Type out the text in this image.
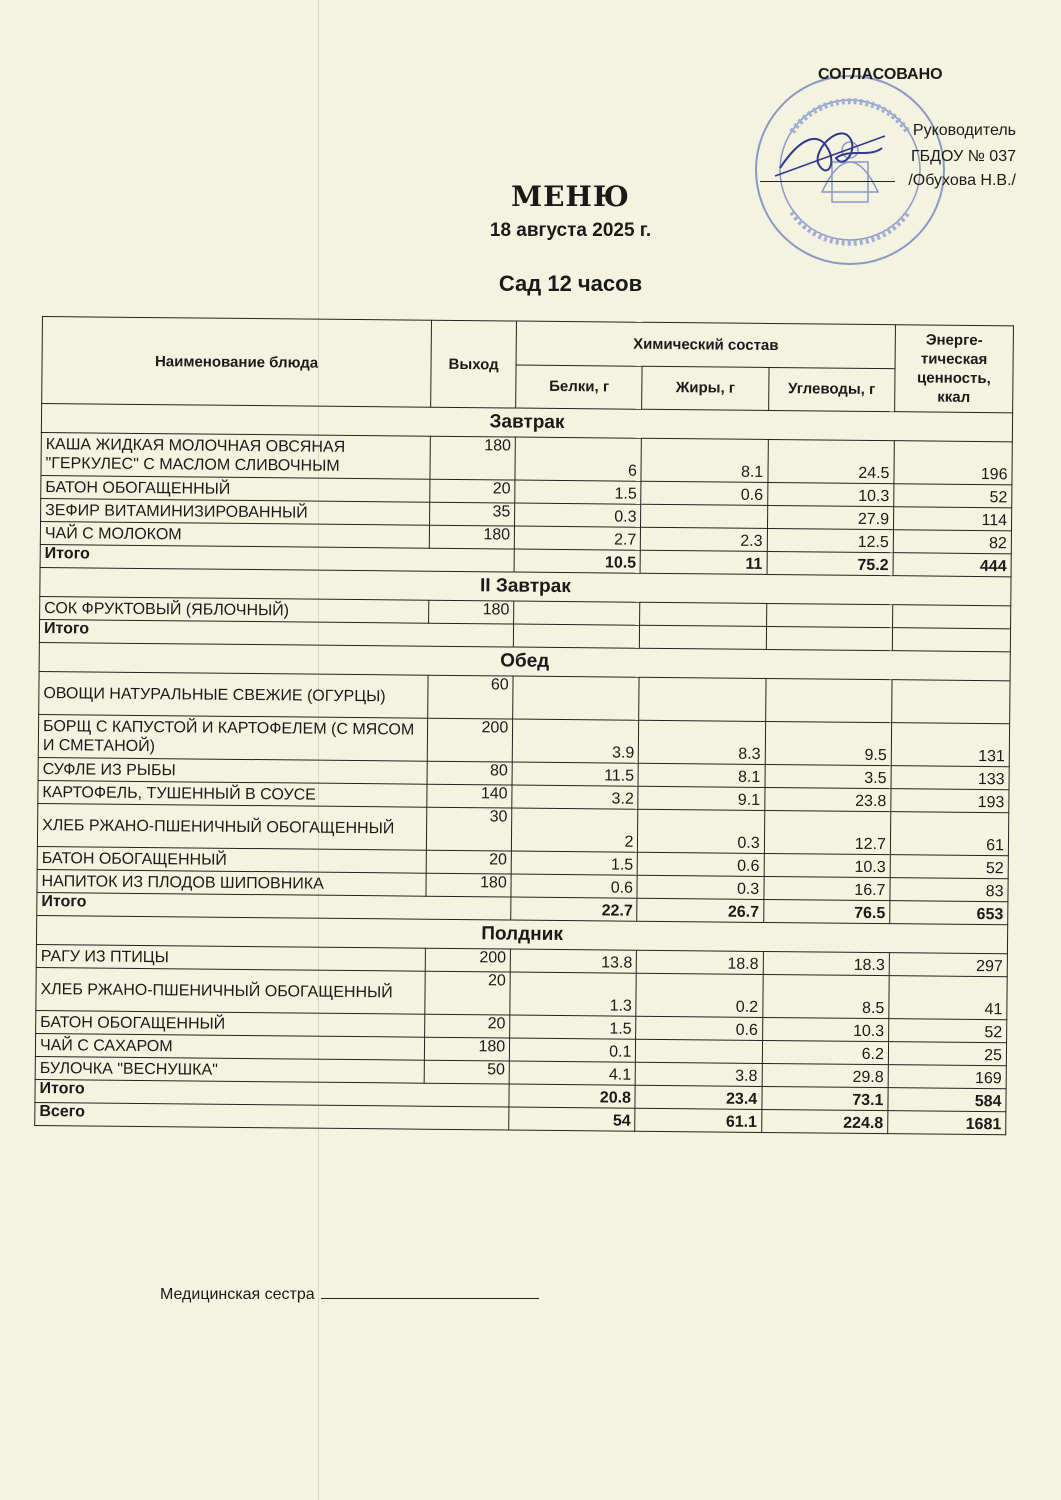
СОГЛАСОВАНО
Руководитель
ГБДОУ № 037
/Обухова Н.В./
МЕНЮ
18 августа 2025 г.
Сад 12 часов
Наименование блюда	Выход	Химический состав			Энерге-тическая ценность, ккал
		Белки, г	Жиры, г	Углеводы, г	
Завтрак					
КАША ЖИДКАЯ МОЛОЧНАЯ ОВСЯНАЯ "ГЕРКУЛЕС" С МАСЛОМ СЛИВОЧНЫМ	180	6	8.1	24.5	196
БАТОН ОБОГАЩЕННЫЙ	20	1.5	0.6	10.3	52
ЗЕФИР ВИТАМИНИЗИРОВАННЫЙ	35	0.3		27.9	114
ЧАЙ С МОЛОКОМ	180	2.7	2.3	12.5	82
Итого		10.5	11	75.2	444
II Завтрак					
СОК ФРУКТОВЫЙ (ЯБЛОЧНЫЙ)	180				
Итого					
Обед					
ОВОЩИ НАТУРАЛЬНЫЕ СВЕЖИЕ (ОГУРЦЫ)	60				
БОРЩ С КАПУСТОЙ И КАРТОФЕЛЕМ (С МЯСОМ И СМЕТАНОЙ)	200	3.9	8.3	9.5	131
СУФЛЕ ИЗ РЫБЫ	80	11.5	8.1	3.5	133
КАРТОФЕЛЬ, ТУШЕННЫЙ В СОУСЕ	140	3.2	9.1	23.8	193
ХЛЕБ РЖАНО-ПШЕНИЧНЫЙ ОБОГАЩЕННЫЙ	30	2	0.3	12.7	61
БАТОН ОБОГАЩЕННЫЙ	20	1.5	0.6	10.3	52
НАПИТОК ИЗ ПЛОДОВ ШИПОВНИКА	180	0.6	0.3	16.7	83
Итого		22.7	26.7	76.5	653
Полдник					
РАГУ ИЗ ПТИЦЫ	200	13.8	18.8	18.3	297
ХЛЕБ РЖАНО-ПШЕНИЧНЫЙ ОБОГАЩЕННЫЙ	20	1.3	0.2	8.5	41
БАТОН ОБОГАЩЕННЫЙ	20	1.5	0.6	10.3	52
ЧАЙ С САХАРОМ	180	0.1		6.2	25
БУЛОЧКА "ВЕСНУШКА"	50	4.1	3.8	29.8	169
Итого		20.8	23.4	73.1	584
Всего		54	61.1	224.8	1681
Медицинская сестра
